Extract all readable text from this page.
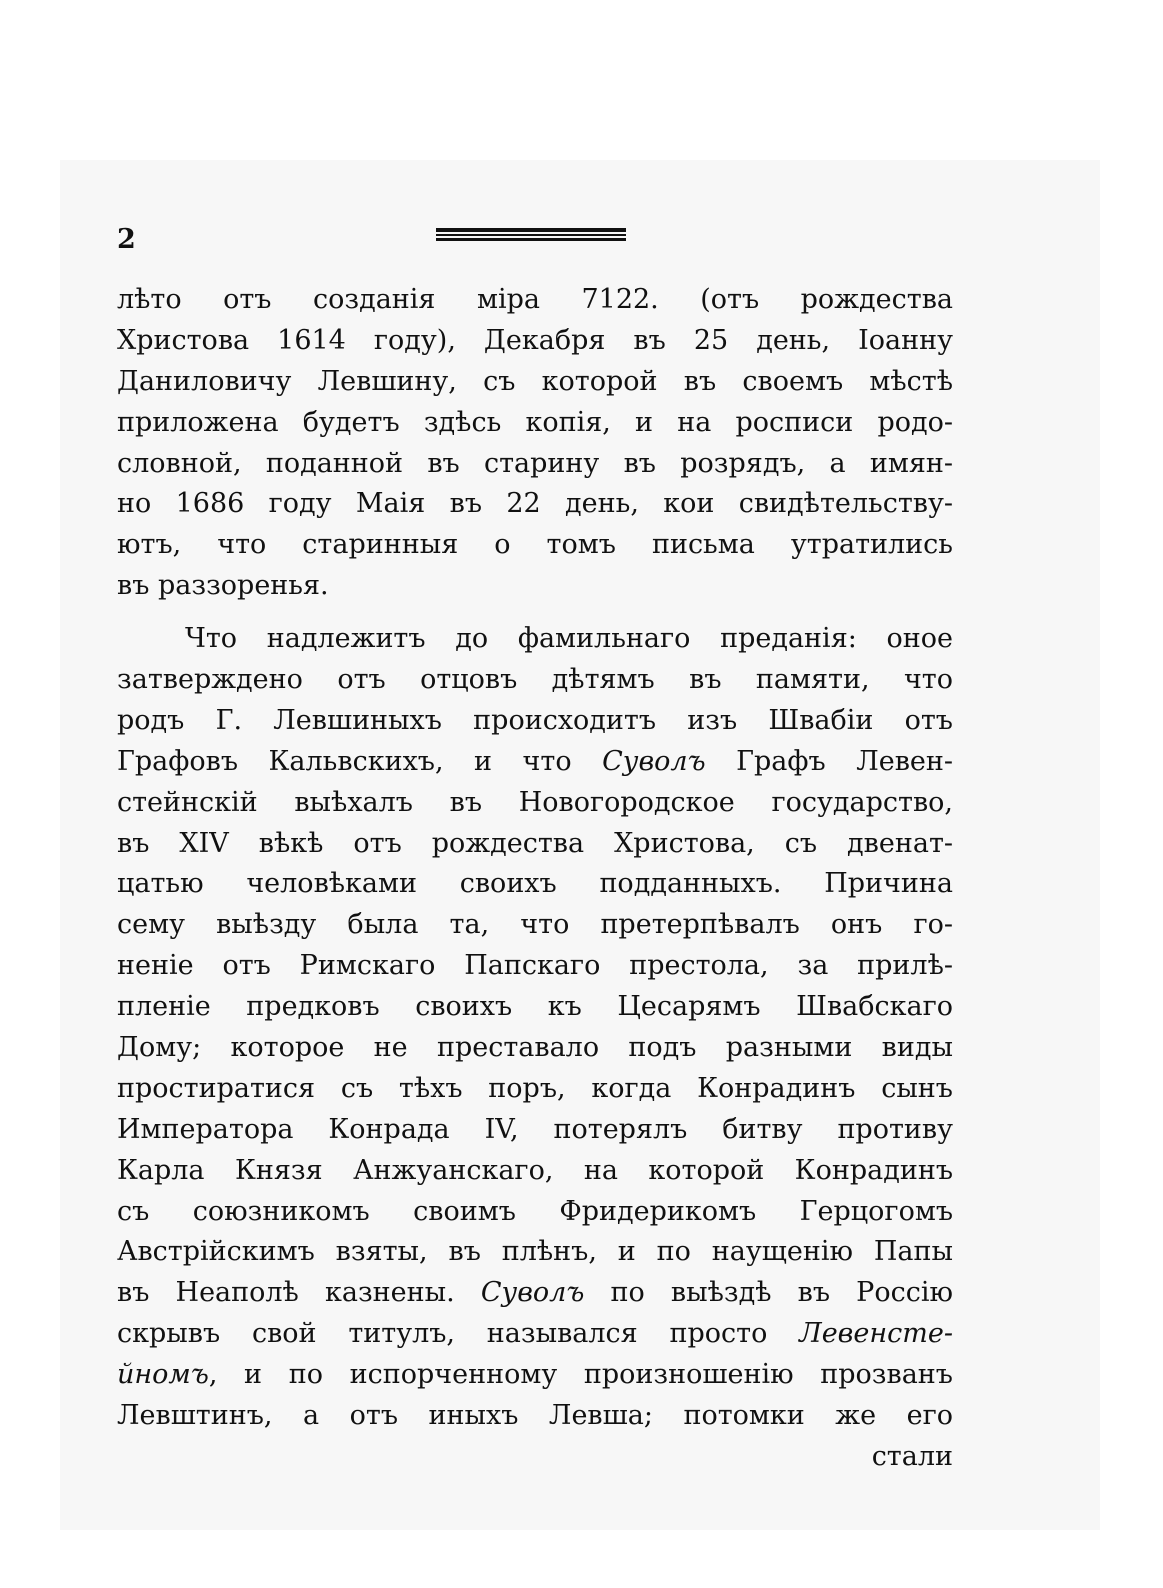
2
лѣто отъ созданія міра 7122. (отъ рождества
Христова 1614 году), Декабря въ 25 день, Іоанну
Даниловичу Левшину, съ которой въ своемъ мѣстѣ
приложена будетъ здѣсь копія, и на росписи родо-
словной, поданной въ старину въ розрядъ, а имян-
но 1686 году Маія въ 22 день, кои свидѣтельству-
ютъ, что старинныя о томъ письма утратились
въ раззоренья.
Что надлежитъ до фамильнаго преданія: оное
затверждено отъ отцовъ дѣтямъ въ памяти, что
родъ Г. Левшиныхъ происходитъ изъ Швабіи отъ
Графовъ Кальвскихъ, и что Суволъ Графъ Левен-
стейнскій выѣхалъ въ Новогородское государство,
въ XIV вѣкѣ отъ рождества Христова, съ двенат-
цатью человѣками своихъ подданныхъ. Причина
сему выѣзду была та, что претерпѣвалъ онъ го-
неніе отъ Римскаго Папскаго престола, за прилѣ-
пленіе предковъ своихъ къ Цесарямъ Швабскаго
Дому; которое не преставало подъ разными виды
простиратися съ тѣхъ поръ, когда Конрадинъ сынъ
Императора Конрада IV, потерялъ битву противу
Карла Князя Анжуанскаго, на которой Конрадинъ
съ союзникомъ своимъ Фридерикомъ Герцогомъ
Австрійскимъ взяты, въ плѣнъ, и по наущенію Папы
въ Неаполѣ казнены. Суволъ по выѣздѣ въ Россію
скрывъ свой титулъ, назывался просто Левенсте-
йномъ, и по испорченному произношенію прозванъ
Левштинъ, а отъ иныхъ Левша; потомки же его
стали
